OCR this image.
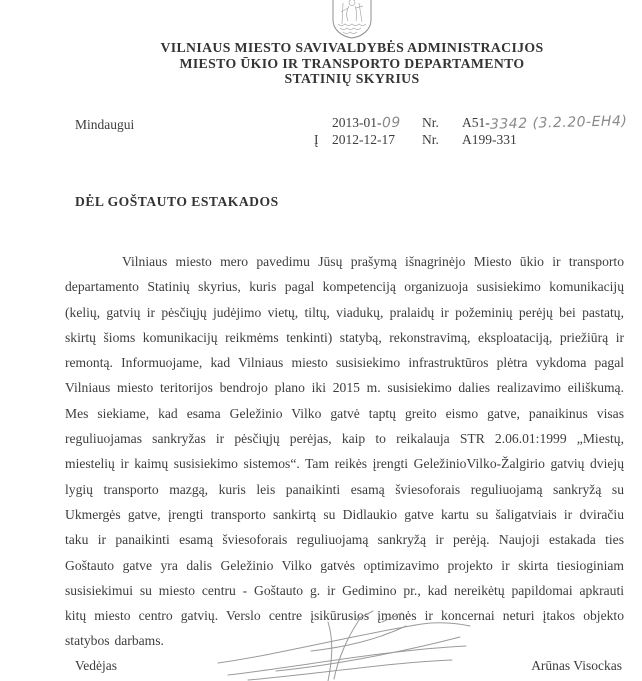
VILNIAUS MIESTO SAVIVALDYBĖS ADMINISTRACIJOS
MIESTO ŪKIO IR TRANSPORTO DEPARTAMENTO
STATINIŲ SKYRIUS
Mindaugui	2013-01-09	Nr.	A51-3342 (3.2.20-EH4)
Į	2012-12-17	Nr.	A199-331
DĖL GOŠTAUTO ESTAKADOS
Vilniaus miesto mero pavedimu Jūsų prašymą išnagrinėjo Miesto ūkio ir transporto departamento Statinių skyrius, kuris pagal kompetenciją organizuoja susisiekimo komunikacijų (kelių, gatvių ir pėsčiųjų judėjimo vietų, tiltų, viadukų, pralaidų ir požeminių perėjų bei pastatų, skirtų šioms komunikacijų reikmėms tenkinti) statybą, rekonstravimą, eksploataciją, priežiūrą ir remontą. Informuojame, kad Vilniaus miesto susisiekimo infrastruktūros plėtra vykdoma pagal Vilniaus miesto teritorijos bendrojo plano iki 2015 m. susisiekimo dalies realizavimo eiliškumą. Mes siekiame, kad esama Geležinio Vilko gatvė taptų greito eismo gatve, panaikinus visas reguliuojamas sankryžas ir pėsčiųjų perėjas, kaip to reikalauja STR 2.06.01:1999 „Miestų, miestelių ir kaimų susisiekimo sistemos“. Tam reikės įrengti GeležinioVilko-Žalgirio gatvių dviejų lygių transporto mazgą, kuris leis panaikinti esamą šviesoforais reguliuojamą sankryžą su Ukmergės gatve, įrengti transporto sankirtą su Didlaukio gatve kartu su šaligatviais ir dviračiu taku ir panaikinti esamą šviesoforais reguliuojamą sankryžą ir perėją. Naujoji estakada ties Goštauto gatve yra dalis Geležinio Vilko gatvės optimizavimo projekto ir skirta tiesioginiam susisiekimui su miesto centru - Goštauto g. ir Gedimino pr., kad nereikėtų papildomai apkrauti kitų miesto centro gatvių. Verslo centre įsikūrusios įmonės ir koncernai neturi įtakos objekto statybos darbams.
Vedėjas	Arūnas Visockas
